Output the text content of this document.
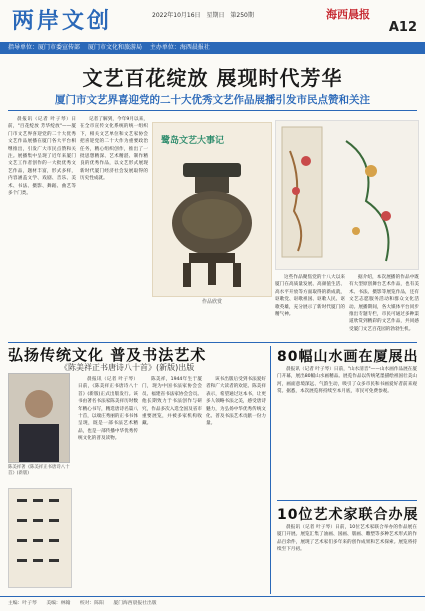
两岸文创	2022年10月16日 星期日 第250期	海西晨报
A12
指导单位：厦门市委宣传部 厦门市文化和旅游局 主办单位：海西晨报社
文艺百花绽放 展现时代芳华
厦门市文艺界喜迎党的二十大优秀文艺作品展播引发市民点赞和关注

晨报讯（记者 叶子琴）日前，"百花绽放 芳华绽放"——厦门市文艺界喜迎党的二十大优秀文艺作品展播在厦门各大平台相继推出，引发广大市民点赞和关注。展播集中呈现了近年来厦门文艺工作者创作的一大批优秀文艺作品，题材丰富，形式多样，内容涵盖文学、戏剧、音乐、美术、书法、摄影、舞蹈、曲艺等多个门类。

记者了解到，今年9月以来，在全市宣传文化系统的统一组织下，相关文艺单位和文艺家协会把喜迎党的二十大作为重要政治任务，精心组织创作，推出了一批思想精深、艺术精湛、制作精良的优秀作品，以文艺形式展现新时代厦门经济社会发展取得的历史性成就。

鹭岛文艺大事记
作品欣赏

这些作品聚焦党的十八大以来厦门在高质量发展、高颜值生活、高水平开放等方面取得的新成就，讴歌党、讴歌祖国、讴歌人民、讴歌英雄，充分展示了新时代厦门的精气神。

据介绍，本次展播的作品中既有大型原创舞台艺术作品，也有美术、书法、摄影等展览作品，还有文艺志愿服务活动和群众文化活动。展播期间，各大媒体平台同步推出专题专栏，市民可通过多种渠道欣赏到精彩的文艺作品，共同感受厦门文艺百花园的勃勃生机。

弘扬传统文化 普及书法艺术
《陈美祥正书唐诗八十首》(新版)出版
陈美祥著《陈美祥正书唐诗八十首》(新版)

晨报讯（记者 叶子琴）日前，《陈美祥正书唐诗八十首》(新版)正式出版发行。该书由著名书法家陈美祥历时数年精心书写，精选唐诗名篇八十首，以端庄秀丽的正书书体呈现，既是一部书法艺术精品，也是一部传播中华优秀传统文化的普及读物。

陈美祥，1944年生于厦门，现为中国书法家协会会员、福建省书法家协会会员。他长期致力于书法创作与研究，作品多次入选全国及省市重要展览，并被多家机构收藏。

该书出版后受到书法爱好者和广大读者的欢迎。陈美祥表示，希望通过这本书，让更多人领略书法之美，感受唐诗魅力，为弘扬中华优秀传统文化、普及书法艺术贡献一份力量。

80幅山水画在厦展出

晨报讯（记者 叶子琴）日前，"山水清音"——山水画作品展在厦门开幕，展出80幅山水画精品。展览作品以传统笔墨描绘祖国壮美山河，画面意境深远、气韵生动，吸引了众多市民和书画爱好者前来观赏。据悉，本次展览将持续至本月底，市民可免费参观。

10位艺术家联合办展

晨报讯（记者 叶子琴）日前，10位艺术家联合举办的作品展在厦门开展。展览汇集了油画、国画、版画、雕塑等多种艺术形式的作品百余件，展现了艺术家们多年来的创作成果和艺术探索。展览将持续至下月初。

主编：叶子琴 美编：林翰 校对：陈阳 厦门海西晨报社出版
